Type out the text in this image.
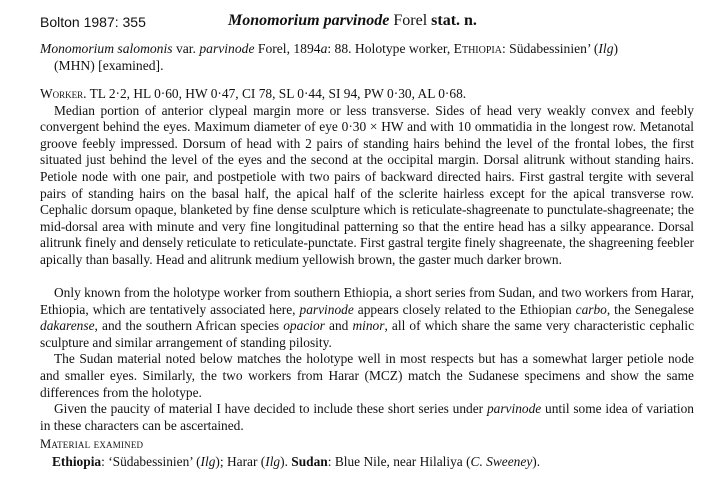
Bolton 1987: 355	Monomorium parvinode Forel stat. n.
Monomorium salomonis var. parvinode Forel, 1894a: 88. Holotype worker, Ethiopia: Südabessinien’ (Ilg)
(MHN) [examined].

Worker. TL 2·2, HL 0·60, HW 0·47, CI 78, SL 0·44, SI 94, PW 0·30, AL 0·68.

Median portion of anterior clypeal margin more or less transverse. Sides of head very weakly convex and feebly convergent behind the eyes. Maximum diameter of eye 0·30 × HW and with 10 ommatidia in the longest row. Metanotal groove feebly impressed. Dorsum of head with 2 pairs of standing hairs behind the level of the frontal lobes, the first situated just behind the level of the eyes and the second at the occipital margin. Dorsal alitrunk without standing hairs. Petiole node with one pair, and postpetiole with two pairs of backward directed hairs. First gastral tergite with several pairs of standing hairs on the basal half, the apical half of the sclerite hairless except for the apical transverse row. Cephalic dorsum opaque, blanketed by fine dense sculpture which is reticulate-shagreenate to punctulate-shagreenate; the mid-dorsal area with minute and very fine longitudinal patterning so that the entire head has a silky appearance. Dorsal alitrunk finely and densely reticulate to reticulate-punctate. First gastral tergite finely shagreenate, the shagreening feebler apically than basally. Head and alitrunk medium yellowish brown, the gaster much darker brown.

Only known from the holotype worker from southern Ethiopia, a short series from Sudan, and two workers from Harar, Ethiopia, which are tentatively associated here, parvinode appears closely related to the Ethiopian carbo, the Senegalese dakarense, and the southern African species opacior and minor, all of which share the same very characteristic cephalic sculpture and similar arrangement of standing pilosity.

The Sudan material noted below matches the holotype well in most respects but has a somewhat larger petiole node and smaller eyes. Similarly, the two workers from Harar (MCZ) match the Sudanese specimens and show the same differences from the holotype.

Given the paucity of material I have decided to include these short series under parvinode until some idea of variation in these characters can be ascertained.

Material examined
Ethiopia: ‘Südabessinien’ (Ilg); Harar (Ilg). Sudan: Blue Nile, near Hilaliya (C. Sweeney).
